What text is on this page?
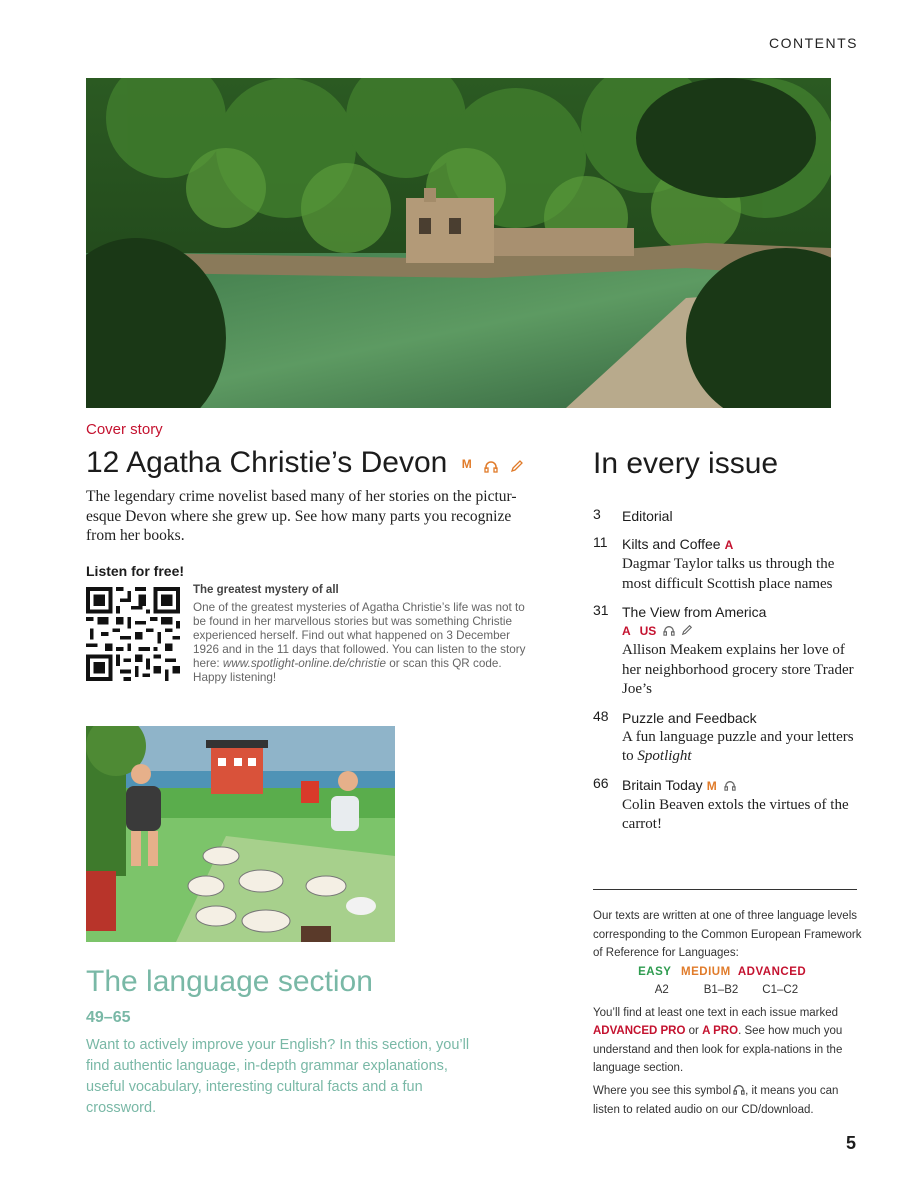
CONTENTS
Cover story
12 Agatha Christie’s Devon M
The legendary crime novelist based many of her stories on the pictur-esque Devon where she grew up. See how many parts you recognize from her books.
Listen for free!
The greatest mystery of all
One of the greatest mysteries of Agatha Christie’s life was not to be found in her marvellous stories but was something Christie experienced herself. Find out what happened on 3 December 1926 and in the 11 days that followed. You can listen to the story here: www.spotlight-online.de/christie or scan this QR code. Happy listening!
The language section
49–65
Want to actively improve your English? In this section, you’ll find authentic language, in-depth grammar explanations, useful vocabulary, interesting cultural facts and a fun crossword.
In every issue
3	Editorial
11	Kilts and Coffee A
Dagmar Taylor talks us through the most difficult Scottish place names
31 The View from America
A US
Allison Meakem explains her love of her neighborhood grocery store Trader Joe’s
48 Puzzle and Feedback
A fun language puzzle and your letters to Spotlight
66 Britain Today M
Colin Beaven extols the virtues of the carrot!

Our texts are written at one of three language levels corresponding to the Common European Framework of Reference for Languages:

EASY MEDIUM ADVANCED
A2	B1–B2 C1–C2

You’ll find at least one text in each issue marked ADVANCED PRO or A PRO. See how much you understand and then look for expla-nations in the language section.

Where you see this symbol , it means you can listen to related audio on our CD/download.

5
